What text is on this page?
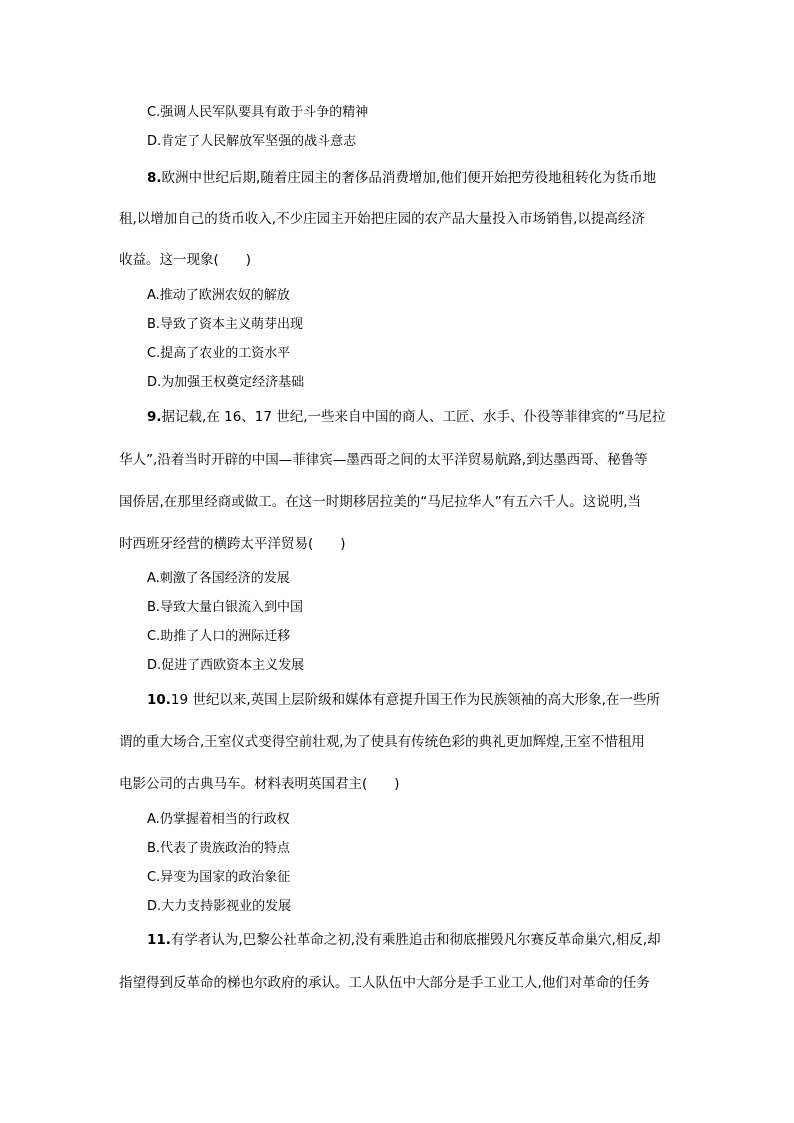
C.强调人民军队要具有敢于斗争的精神
D.肯定了人民解放军坚强的战斗意志
8.欧洲中世纪后期,随着庄园主的奢侈品消费增加,他们便开始把劳役地租转化为货币地
租,以增加自己的货币收入,不少庄园主开始把庄园的农产品大量投入市场销售,以提高经济
收益。这一现象(　　)
A.推动了欧洲农奴的解放
B.导致了资本主义萌芽出现
C.提高了农业的工资水平
D.为加强王权奠定经济基础
9.据记载,在 16、17 世纪,一些来自中国的商人、工匠、水手、仆役等菲律宾的“马尼拉
华人”,沿着当时开辟的中国—菲律宾—墨西哥之间的太平洋贸易航路,到达墨西哥、秘鲁等
国侨居,在那里经商或做工。在这一时期移居拉美的“马尼拉华人”有五六千人。这说明,当
时西班牙经营的横跨太平洋贸易(　　)
A.刺激了各国经济的发展
B.导致大量白银流入到中国
C.助推了人口的洲际迁移
D.促进了西欧资本主义发展
10.19 世纪以来,英国上层阶级和媒体有意提升国王作为民族领袖的高大形象,在一些所
谓的重大场合,王室仪式变得空前壮观,为了使具有传统色彩的典礼更加辉煌,王室不惜租用
电影公司的古典马车。材料表明英国君主(　　)
A.仍掌握着相当的行政权
B.代表了贵族政治的特点
C.异变为国家的政治象征
D.大力支持影视业的发展
11.有学者认为,巴黎公社革命之初,没有乘胜追击和彻底摧毁凡尔赛反革命巢穴,相反,却
指望得到反革命的梯也尔政府的承认。工人队伍中大部分是手工业工人,他们对革命的任务
